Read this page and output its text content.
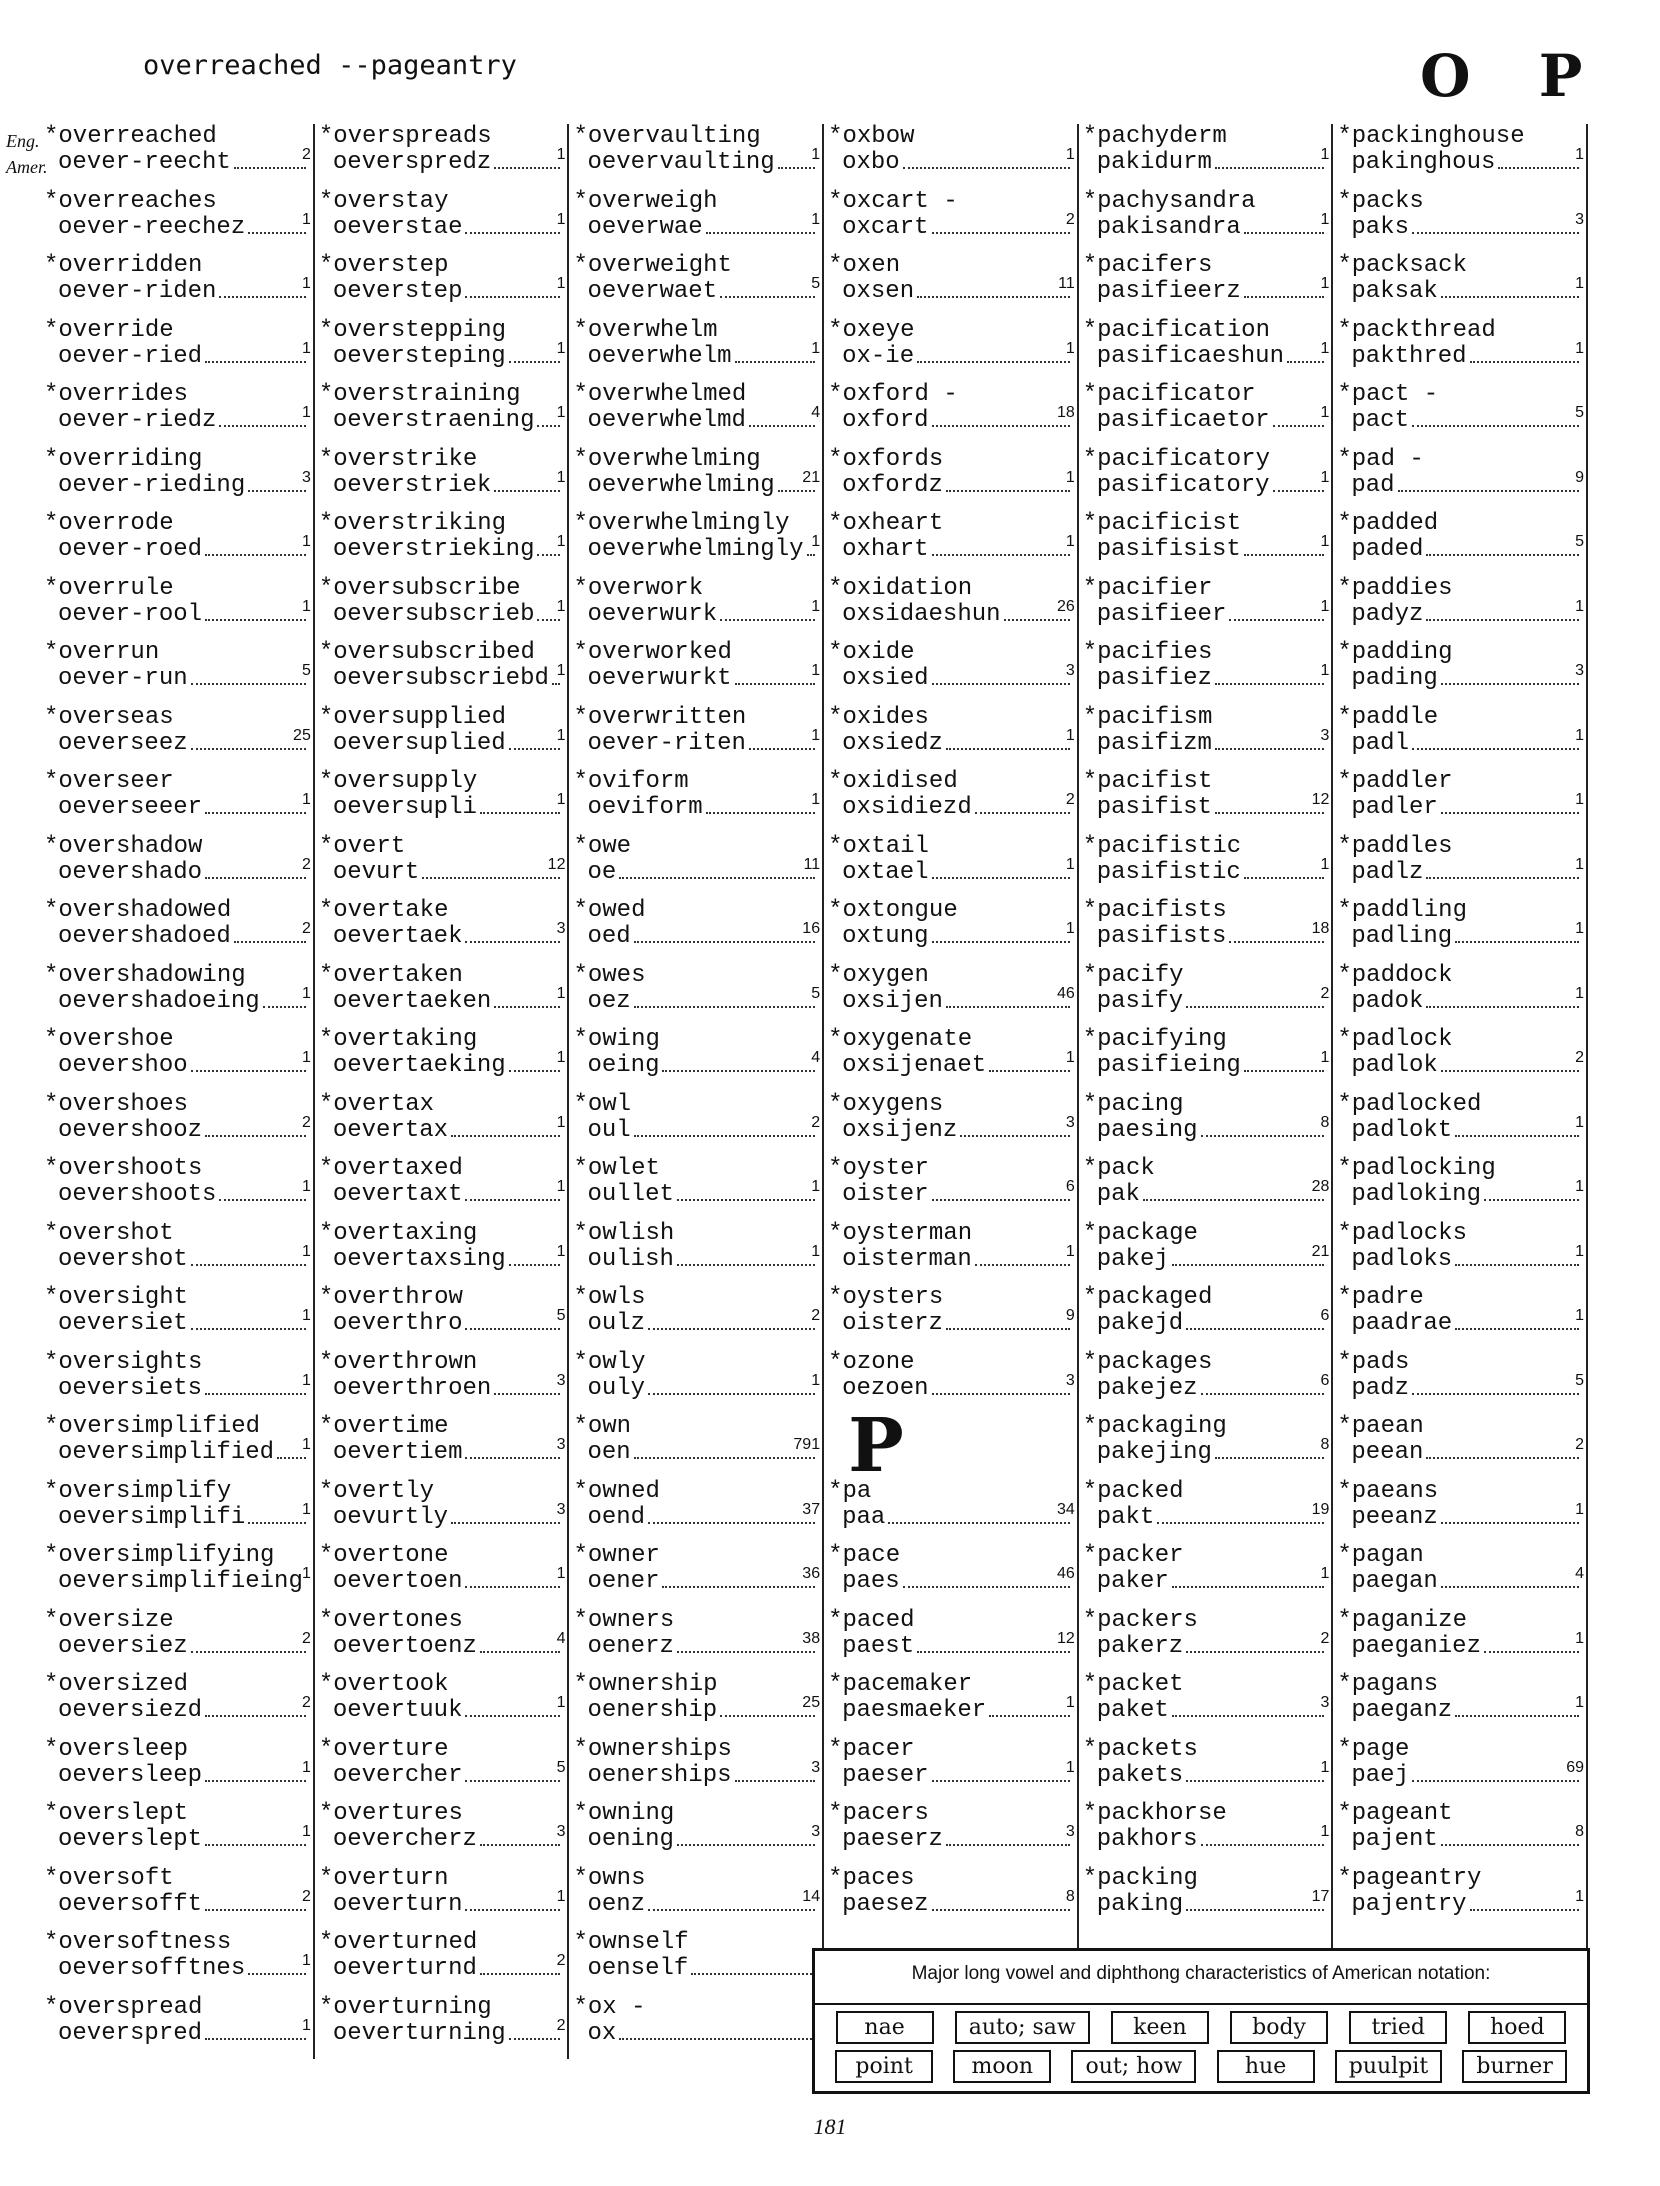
overreached --pageantry	O P
Eng.
Amer.
*overreached
oever-reecht	2
*overreaches
oever-reechez	1
*overridden
oever-riden	1
*override
oever-ried	1
*overrides
oever-riedz	1
*overriding
oever-rieding	3
*overrode
oever-roed	1
*overrule
oever-rool	1
*overrun
oever-run	5
*overseas
oeverseez	25
*overseer
oeverseeer	1
*overshadow
oevershado	2
*overshadowed
oevershadoed	2
*overshadowing
oevershadoeing	1
*overshoe
oevershoo	1
*overshoes
oevershooz	2
*overshoots
oevershoots	1
*overshot
oevershot	1
*oversight
oeversiet	1
*oversights
oeversiets	1
*oversimplified
oeversimplified 1
*oversimplify
oeversimplifi	1
*oversimplifying
oeversimplifieing 1
*oversize
oeversiez	2
*oversized
oeversiezd	2
*oversleep
oeversleep	1
*overslept
oeverslept	1
*oversoft
oeversofft	2
*oversoftness
oeversofftnes	1
*overspread
oeverspred	1
*overspreads
oeverspredz	1
*overstay
oeverstae	1
*overstep
oeverstep	1
*overstepping
oeversteping	1
*overstraining
oeverstraening 1
*overstrike
oeverstriek	1
*overstriking
oeverstrieking 1
*oversubscribe
oeversubscrieb 1
*oversubscribed
oeversubscriebd 1
*oversupplied
oeversuplied	1
*oversupply
oeversupli	1
*overt
oevurt	12
*overtake
oevertaek	3
*overtaken
oevertaeken	1
*overtaking
oevertaeking	1
*overtax
oevertax	1
*overtaxed
oevertaxt	1
*overtaxing
oevertaxsing	1
*overthrow
oeverthro	5
*overthrown
oeverthroen	3
*overtime
oevertiem	3
*overtly
oevurtly	3
*overtone
oevertoen	1
*overtones
oevertoenz	4
*overtook
oevertuuk	1
*overture
oevercher	5
*overtures
oevercherz	3
*overturn
oeverturn	1
*overturned
oeverturnd	2
*overturning
oeverturning	2
*overvaulting
oevervaulting 1
*overweigh
oeverwae	1
*overweight
oeverwaet	5
*overwhelm
oeverwhelm	1
*overwhelmed
oeverwhelmd	4
*overwhelming
oeverwhelming 21
*overwhelmingly
oeverwhelmingly 1
*overwork
oeverwurk	1
*overworked
oeverwurkt	1
*overwritten
oever-riten	1
*oviform
oeviform	1
*owe
oe	11
*owed
oed	16
*owes
oez	5
*owing
oeing	4
*owl
oul	2
*owlet
oullet	1
*owlish
oulish	1
*owls
oulz	2
*owly
ouly	1
*own
oen	791
*owned
oend	37
*owner
oener	36
*owners
oenerz	38
*ownership
oenership	25
*ownerships
oenerships	3
*owning
oening	3
*owns
oenz	14
*ownself
oenself
*ox -
ox
*oxbow
oxbo	1
*oxcart -
oxcart	2
*oxen
oxsen	11
*oxeye
ox-ie	1
*oxford -
oxford	18
*oxfords
oxfordz	1
*oxheart
oxhart	1
*oxidation
oxsidaeshun	26
*oxide
oxsied	3
*oxides
oxsiedz	1
*oxidised
oxsidiezd	2
*oxtail
oxtael	1
*oxtongue
oxtung	1
*oxygen
oxsijen	46
*oxygenate
oxsijenaet	1
*oxygens
oxsijenz	3
*oyster
oister	6
*oysterman
oisterman	1
*oysters
oisterz	9
*ozone
oezoen	3
P
*pa
paa	34
*pace
paes	46
*paced
paest	12
*pacemaker
paesmaeker	1
*pacer
paeser	1
*pacers
paeserz	3
*paces
paesez	8
*pachyderm
pakidurm	1
*pachysandra
pakisandra	1
*pacifers
pasifieerz	1
*pacification
pasificaeshun 1
*pacificator
pasificaetor	1
*pacificatory
pasificatory	1
*pacificist
pasifisist	1
*pacifier
pasifieer	1
*pacifies
pasifiez	1
*pacifism
pasifizm	3
*pacifist
pasifist	12
*pacifistic
pasifistic	1
*pacifists
pasifists	18
*pacify
pasify	2
*pacifying
pasifieing	1
*pacing
paesing	8
*pack
pak	28
*package
pakej	21
*packaged
pakejd	6
*packages
pakejez	6
*packaging
pakejing	8
*packed
pakt	19
*packer
paker	1
*packers
pakerz	2
*packet
paket	3
*packets
pakets	1
*packhorse
pakhors	1
*packing
paking	17
*packinghouse
pakinghous	1
*packs
paks	3
*packsack
paksak	1
*packthread
pakthred	1
*pact -
pact	5
*pad -
pad	9
*padded
paded	5
*paddies
padyz	1
*padding
pading	3
*paddle
padl	1
*paddler
padler	1
*paddles
padlz	1
*paddling
padling	1
*paddock
padok	1
*padlock
padlok	2
*padlocked
padlokt	1
*padlocking
padloking	1
*padlocks
padloks	1
*padre
paadrae	1
*pads
padz	5
*paean
peean	2
*paeans
peeanz	1
*pagan
paegan	4
*paganize
paeganiez	1
*pagans
paeganz	1
*page
paej	69
*pageant
pajent	8
*pageantry
pajentry	1
Major long vowel and diphthong characteristics of American notation:
nae	auto; saw	keen	body	tried	hoed
point	moon	out; how	hue	puulpit	burner
181
